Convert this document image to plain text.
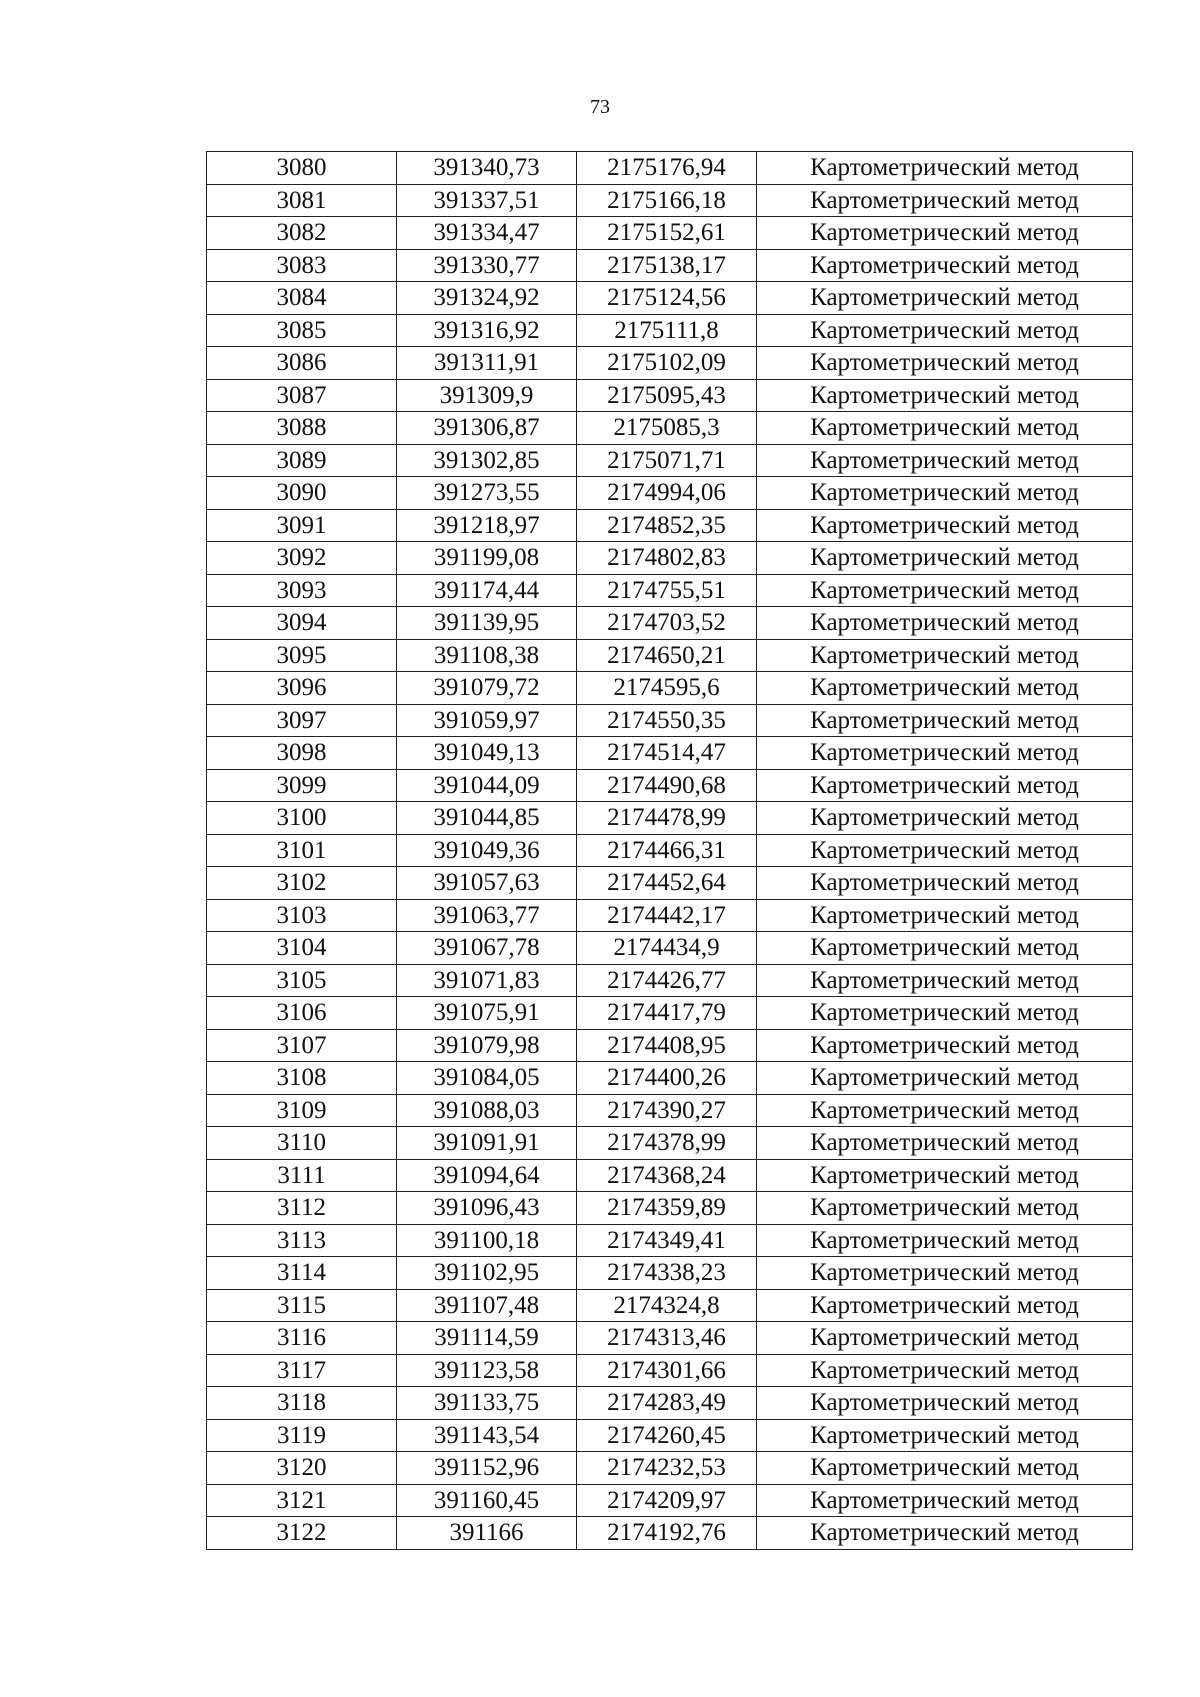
73
3080	391340,73	2175176,94	Картометрический метод
3081	391337,51	2175166,18	Картометрический метод
3082	391334,47	2175152,61	Картометрический метод
3083	391330,77	2175138,17	Картометрический метод
3084	391324,92	2175124,56	Картометрический метод
3085	391316,92	2175111,8	Картометрический метод
3086	391311,91	2175102,09	Картометрический метод
3087	391309,9	2175095,43	Картометрический метод
3088	391306,87	2175085,3	Картометрический метод
3089	391302,85	2175071,71	Картометрический метод
3090	391273,55	2174994,06	Картометрический метод
3091	391218,97	2174852,35	Картометрический метод
3092	391199,08	2174802,83	Картометрический метод
3093	391174,44	2174755,51	Картометрический метод
3094	391139,95	2174703,52	Картометрический метод
3095	391108,38	2174650,21	Картометрический метод
3096	391079,72	2174595,6	Картометрический метод
3097	391059,97	2174550,35	Картометрический метод
3098	391049,13	2174514,47	Картометрический метод
3099	391044,09	2174490,68	Картометрический метод
3100	391044,85	2174478,99	Картометрический метод
3101	391049,36	2174466,31	Картометрический метод
3102	391057,63	2174452,64	Картометрический метод
3103	391063,77	2174442,17	Картометрический метод
3104	391067,78	2174434,9	Картометрический метод
3105	391071,83	2174426,77	Картометрический метод
3106	391075,91	2174417,79	Картометрический метод
3107	391079,98	2174408,95	Картометрический метод
3108	391084,05	2174400,26	Картометрический метод
3109	391088,03	2174390,27	Картометрический метод
3110	391091,91	2174378,99	Картометрический метод
3111	391094,64	2174368,24	Картометрический метод
3112	391096,43	2174359,89	Картометрический метод
3113	391100,18	2174349,41	Картометрический метод
3114	391102,95	2174338,23	Картометрический метод
3115	391107,48	2174324,8	Картометрический метод
3116	391114,59	2174313,46	Картометрический метод
3117	391123,58	2174301,66	Картометрический метод
3118	391133,75	2174283,49	Картометрический метод
3119	391143,54	2174260,45	Картометрический метод
3120	391152,96	2174232,53	Картометрический метод
3121	391160,45	2174209,97	Картометрический метод
3122	391166	2174192,76	Картометрический метод
